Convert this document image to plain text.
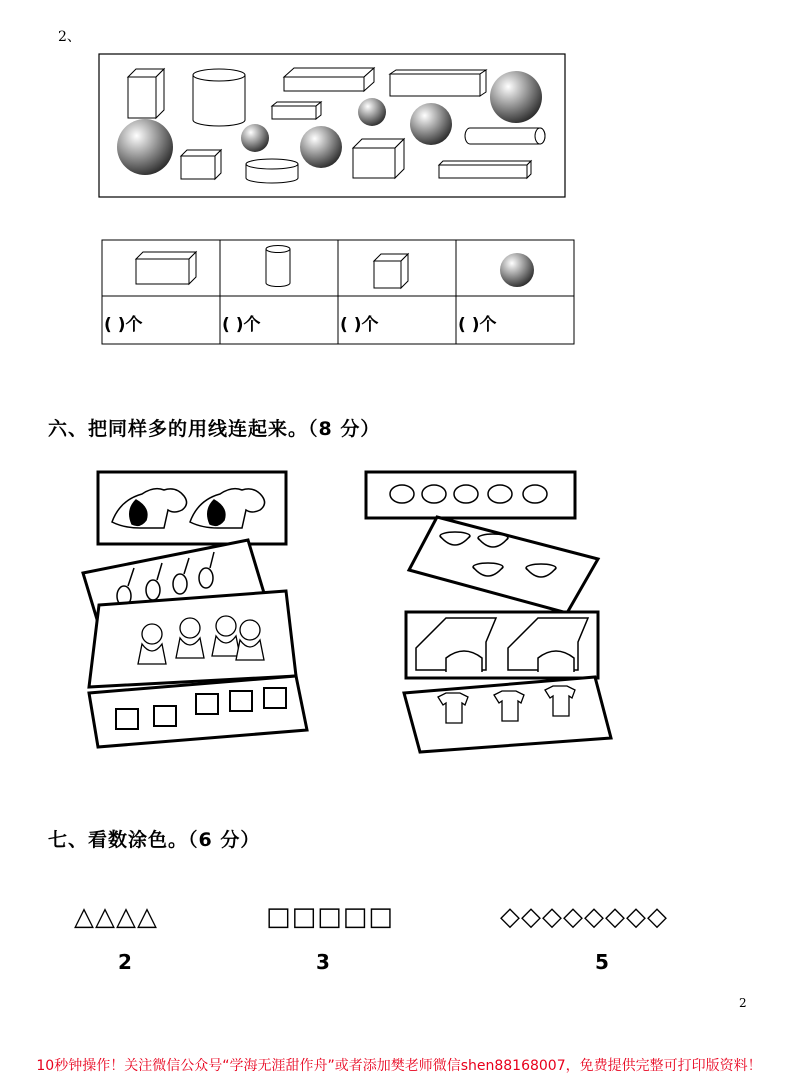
2、
( )个	( )个	( )个	( )个
六、把同样多的用线连起来。（8 分）
七、看数涂色。（6 分）
△△△△	□□□□□	◇◇◇◇◇◇◇◇
2	3	5
2
10秒钟操作！关注微信公众号“学海无涯甜作舟”或者添加樊老师微信shen88168007，免费提供完整可打印版资料！
